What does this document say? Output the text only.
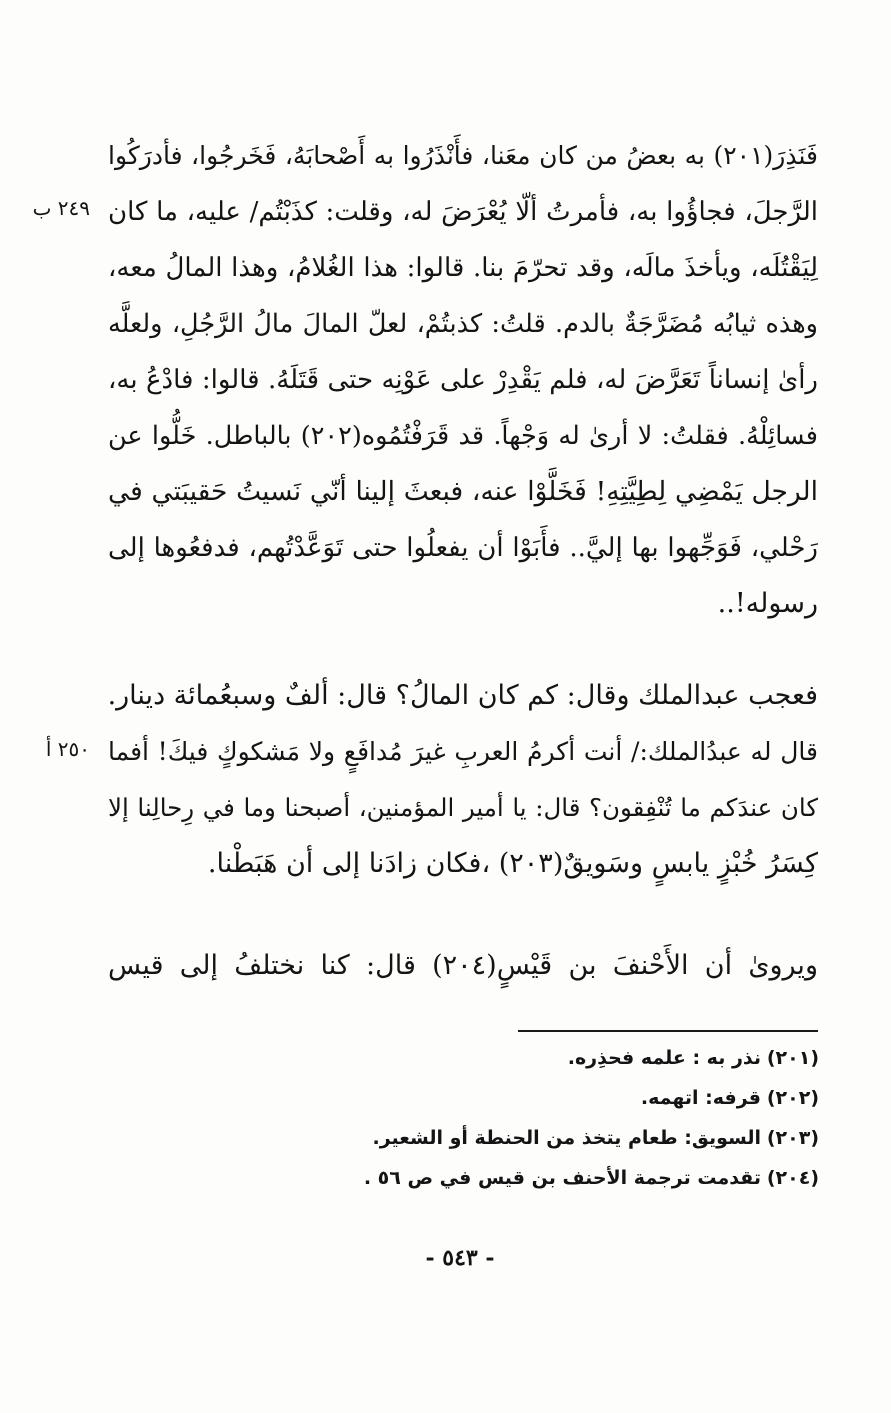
فَنَذِرَ(٢٠١) به بعضُ من كان معَنا، فأَنْذَرُوا به أَصْحابَهُ، فَخَرجُوا، فأدرَكُوا
الرَّجلَ، فجاؤُوا به، فأمرتُ ألّا يُعْرَضَ له، وقلت: كذَبْتُم/ عليه، ما كان
لِيَقْتُلَه، ويأخذَ مالَه، وقد تحرّمَ بنا. قالوا: هذا الغُلامُ، وهذا المالُ معه،
وهذه ثيابُه مُضَرَّجَةٌ بالدم. قلتُ: كذبتُمْ، لعلّ المالَ مالُ الرَّجُلِ، ولعلَّه
رأىٰ إنساناً تَعَرَّضَ له، فلم يَقْدِرْ على عَوْنِه حتى قَتَلَهُ. قالوا: فادْعُ به،
فسائِلْهُ. فقلتُ: لا أرىٰ له وَجْهاً. قد قَرَفْتُمُوه(٢٠٢) بالباطل. خَلُّوا عن
الرجل يَمْضِي لِطِيَّتِهِ! فَخَلَّوْا عنه، فبعثَ إلينا أنّي نَسيتُ حَقيبَتي في
رَحْلي، فَوَجِّهوا بها إليَّ.. فأَبَوْا أن يفعلُوا حتى تَوَعَّدْتُهم، فدفعُوها إلى
رسوله!..
فعجب عبدالملك وقال: كم كان المالُ؟ قال: ألفٌ وسبعُمائة دينار.
قال له عبدُالملك:/ أنت أكرمُ العربِ غيرَ مُدافَعٍ ولا مَشكوكٍ فيكَ! أفما
كان عندَكم ما تُنْفِقون؟ قال: يا أمير المؤمنين، أصبحنا وما في رِحالِنا إلا
كِسَرُ خُبْزٍ يابسٍ وسَويقٌ(٢٠٣) ،فكان زادَنا إلى أن هَبَطْنا.
ويروىٰ أن الأَحْنفَ بن قَيْسٍ(٢٠٤) قال: كنا نختلفُ إلى قيس
٢٤٩ ب
٢٥٠ أ
(٢٠١)نذر به : علمه فحذِره.
(٢٠٢)قرفه: اتهمه.
(٢٠٣)السويق: طعام يتخذ من الحنطة أو الشعير.
(٢٠٤)تقدمت ترجمة الأحنف بن قيس في ص ٥٦ .
- ٥٤٣ -
